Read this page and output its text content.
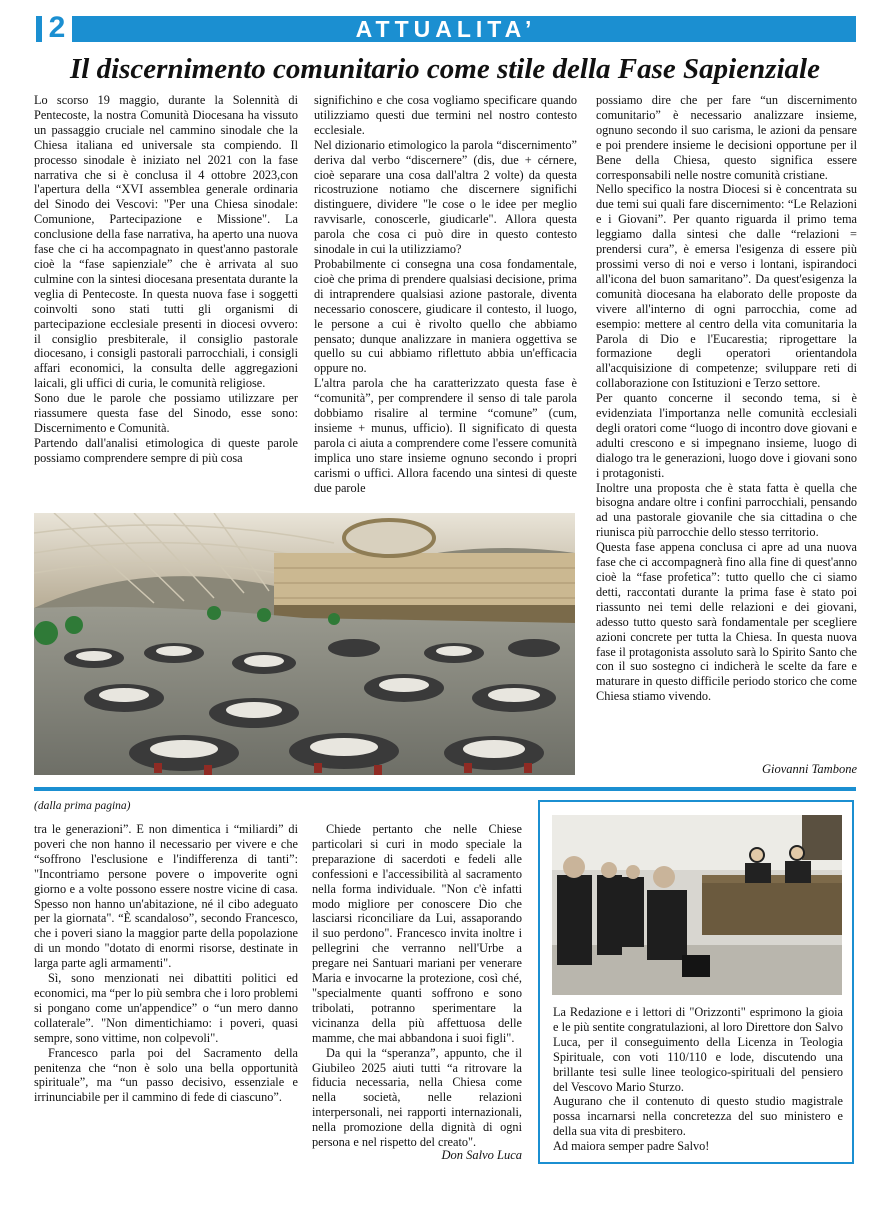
2	ATTUALITA’
Il discernimento comunitario come stile della Fase Sapienziale

Lo scorso 19 maggio, durante la Solennità di Pentecoste, la nostra Comunità Diocesana ha vissuto un passaggio cruciale nel cammino sinodale che la Chiesa italiana ed universale sta compiendo. Il processo sinodale è iniziato nel 2021 con la fase narrativa che si è conclusa il 4 ottobre 2023,con l'apertura della “XVI assemblea generale ordinaria del Sinodo dei Vescovi: "Per una Chiesa sinodale: Comunione, Partecipazione e Missione". La conclusione della fase narrativa, ha aperto una nuova fase che ci ha accompagnato in quest'anno pastorale cioè la “fase sapienziale” che è arrivata al suo culmine con la sintesi diocesana presentata durante la veglia di Pentecoste. In questa nuova fase i soggetti coinvolti sono stati tutti gli organismi di partecipazione ecclesiale presenti in diocesi ovvero: il consiglio presbiterale, il consiglio pastorale diocesano, i consigli pastorali parrocchiali, i consigli affari economici, la consulta delle aggregazioni laicali, gli uffici di curia, le comunità religiose.

Sono due le parole che possiamo utilizzare per riassumere questa fase del Sinodo, esse sono: Discernimento e Comunità.

Partendo dall'analisi etimologica di queste parole possiamo comprendere sempre di più cosa

significhino e che cosa vogliamo specificare quando utilizziamo questi due termini nel nostro contesto ecclesiale.

Nel dizionario etimologico la parola “discernimento” deriva dal verbo “discernere” (dis, due + cérnere, cioè separare una cosa dall'altra 2 volte) da questa ricostruzione notiamo che discernere significhi distinguere, dividere "le cose o le idee per meglio ravvisarle, conoscerle, giudicarle". Allora questa parola che cosa ci può dire in questo contesto sinodale in cui la utilizziamo?

Probabilmente ci consegna una cosa fondamentale, cioè che prima di prendere qualsiasi decisione, prima di intraprendere qualsiasi azione pastorale, diventa necessario conoscere, giudicare il contesto, il luogo, le persone a cui è rivolto quello che abbiamo pensato; dunque analizzare in maniera oggettiva se quello su cui abbiamo riflettuto abbia un'efficacia oppure no.

L'altra parola che ha caratterizzato questa fase è “comunità”, per comprendere il senso di tale parola dobbiamo risalire al termine “comune” (cum, insieme + munus, ufficio). Il significato di questa parola ci aiuta a comprendere come l'essere comunità implica uno stare insieme ognuno secondo i propri carismi o uffici. Allora facendo una sintesi di queste due parole

possiamo dire che per fare “un discernimento comunitario” è necessario analizzare insieme, ognuno secondo il suo carisma, le azioni da pensare e poi prendere insieme le decisioni opportune per il Bene della Chiesa, questo significa essere corresponsabili nelle nostre comunità cristiane.

Nello specifico la nostra Diocesi si è concentrata su due temi sui quali fare discernimento: “Le Relazioni e i Giovani”. Per quanto riguarda il primo tema leggiamo dalla sintesi che dalle “relazioni = prendersi cura”, è emersa l'esigenza di essere più prossimi verso di noi e verso i lontani, ispirandoci all'icona del buon samaritano”. Da quest'esigenza la comunità diocesana ha elaborato delle proposte da vivere all'interno di ogni parrocchia, come ad esempio: mettere al centro della vita comunitaria la Parola di Dio e l'Eucarestia; riprogettare la formazione degli operatori orientandola all'acquisizione di competenze; sviluppare reti di collaborazione con Istituzioni e Terzo settore.

Per quanto concerne il secondo tema, si è evidenziata l'importanza nelle comunità ecclesiali degli oratori come “luogo di incontro dove giovani e adulti crescono e si impegnano insieme, luogo di dialogo tra le generazioni, luogo dove i giovani sono i protagonisti.

Inoltre una proposta che è stata fatta è quella che bisogna andare oltre i confini parrocchiali, pensando ad una pastorale giovanile che sia cittadina o che riunisca più parrocchie dello stesso territorio.

Questa fase appena conclusa ci apre ad una nuova fase che ci accompagnerà fino alla fine di quest'anno cioè la “fase profetica”: tutto quello che ci siamo detti, raccontati durante la prima fase è stato poi riassunto nei temi delle relazioni e dei giovani, adesso tutto questo sarà fondamentale per scegliere azioni concrete per tutta la Chiesa. In questa nuova fase il protagonista assoluto sarà lo Spirito Santo che con il suo sostegno ci indicherà le scelte da fare e maturare in questo difficile periodo storico che come Chiesa stiamo vivendo.

Giovanni Tambone
(dalla prima pagina)

tra le generazioni”. E non dimentica i “miliardi” di poveri che non hanno il necessario per vivere e che “soffrono l'esclusione e l'indifferenza di tanti”: "Incontriamo persone povere o impoverite ogni giorno e a volte possono essere nostre vicine di casa. Spesso non hanno un'abitazione, né il cibo adeguato per la giornata". “È scandaloso”, secondo Francesco, che i poveri siano la maggior parte della popolazione di un mondo "dotato di enormi risorse, destinate in larga parte agli armamenti".

Sì, sono menzionati nei dibattiti politici ed economici, ma “per lo più sembra che i loro problemi si pongano come un'appendice” o “un mero danno collaterale”. "Non dimentichiamo: i poveri, quasi sempre, sono vittime, non colpevoli".

Francesco parla poi del Sacramento della penitenza che “non è solo una bella opportunità spirituale”, ma “un passo decisivo, essenziale e irrinunciabile per il cammino di fede di ciascuno”.

Chiede pertanto che nelle Chiese particolari si curi in modo speciale la preparazione di sacerdoti e fedeli alle confessioni e l'accessibilità al sacramento nella forma individuale. "Non c'è infatti modo migliore per conoscere Dio che lasciarsi riconciliare da Lui, assaporando il suo perdono". Francesco invita inoltre i pellegrini che verranno nell'Urbe a pregare nei Santuari mariani per venerare Maria e invocarne la protezione, così ché, "specialmente quanti soffrono e sono tribolati, potranno sperimentare la vicinanza della più affettuosa delle mamme, che mai abbandona i suoi figli".

Da qui la “speranza”, appunto, che il Giubileo 2025 aiuti tutti “a ritrovare la fiducia necessaria, nella Chiesa come nella società, nelle relazioni interpersonali, nei rapporti internazionali, nella promozione della dignità di ogni persona e nel rispetto del creato".

Don Salvo Luca

La Redazione e i lettori di "Orizzonti" esprimono la gioia e le più sentite congratulazioni, al loro Direttore don Salvo Luca, per il conseguimento della Licenza in Teologia Spirituale, con voti 110/110 e lode, discutendo una brillante tesi sulle linee teologico-spirituali del pensiero del Vescovo Mario Sturzo.

Augurano che il contenuto di questo studio magistrale possa incarnarsi nella concretezza del suo ministero e della sua vita di presbitero.

Ad maiora semper padre Salvo!
